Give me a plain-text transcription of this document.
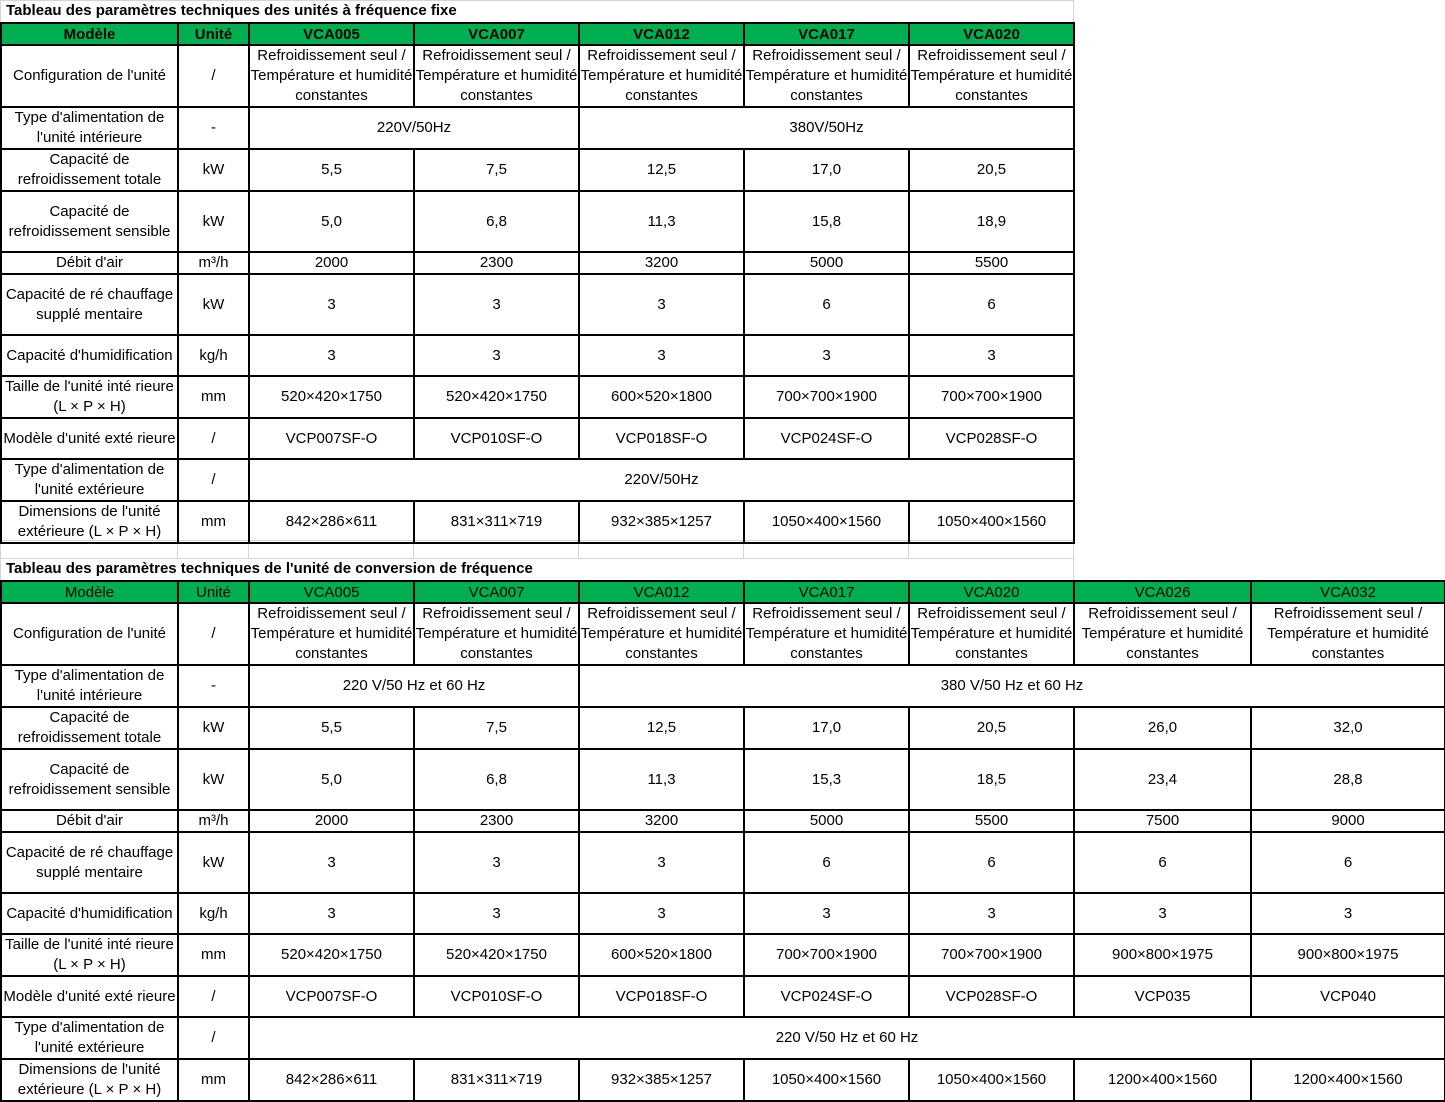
Tableau des paramètres techniques des unités à fréquence fixe
Modèle	Unité	VCA005	VCA007	VCA012	VCA017	VCA020
Configuration de l'unité	/	Refroidissement seul / Température et humidité constantes	Refroidissement seul / Température et humidité constantes	Refroidissement seul / Température et humidité constantes	Refroidissement seul / Température et humidité constantes	Refroidissement seul / Température et humidité constantes
Type d'alimentation de l'unité intérieure	-	220V/50Hz		380V/50Hz		
Capacité de refroidissement totale	kW	5,5	7,5	12,5	17,0	20,5
Capacité de refroidissement sensible	kW	5,0	6,8	11,3	15,8	18,9
Débit d'air	m³/h	2000	2300	3200	5000	5500
Capacité de ré chauffage supplé mentaire	kW	3	3	3	6	6
Capacité d'humidification	kg/h	3	3	3	3	3
Taille de l'unité inté rieure (L × P × H)	mm	520×420×1750	520×420×1750	600×520×1800	700×700×1900	700×700×1900
Modèle d'unité exté rieure	/	VCP007SF-O	VCP010SF-O	VCP018SF-O	VCP024SF-O	VCP028SF-O
Type d'alimentation de l'unité extérieure	/	220V/50Hz				
Dimensions de l'unité extérieure (L × P × H)	mm	842×286×611	831×311×719	932×385×1257	1050×400×1560	1050×400×1560
Tableau des paramètres techniques de l'unité de conversion de fréquence
Modèle	Unité	VCA005	VCA007	VCA012	VCA017	VCA020	VCA026	VCA032
Configuration de l'unité	/	Refroidissement seul / Température et humidité constantes	Refroidissement seul / Température et humidité constantes	Refroidissement seul / Température et humidité constantes	Refroidissement seul / Température et humidité constantes	Refroidissement seul / Température et humidité constantes	Refroidissement seul / Température et humidité constantes	Refroidissement seul / Température et humidité constantes
Type d'alimentation de l'unité intérieure	-	220 V/50 Hz et 60 Hz		380 V/50 Hz et 60 Hz				
Capacité de refroidissement totale	kW	5,5	7,5	12,5	17,0	20,5	26,0	32,0
Capacité de refroidissement sensible	kW	5,0	6,8	11,3	15,3	18,5	23,4	28,8
Débit d'air	m³/h	2000	2300	3200	5000	5500	7500	9000
Capacité de ré chauffage supplé mentaire	kW	3	3	3	6	6	6	6
Capacité d'humidification	kg/h	3	3	3	3	3	3	3
Taille de l'unité inté rieure (L × P × H)	mm	520×420×1750	520×420×1750	600×520×1800	700×700×1900	700×700×1900	900×800×1975	900×800×1975
Modèle d'unité exté rieure	/	VCP007SF-O	VCP010SF-O	VCP018SF-O	VCP024SF-O	VCP028SF-O	VCP035	VCP040
Type d'alimentation de l'unité extérieure	/	220 V/50 Hz et 60 Hz						
Dimensions de l'unité extérieure (L × P × H)	mm	842×286×611	831×311×719	932×385×1257	1050×400×1560	1050×400×1560	1200×400×1560	1200×400×1560
